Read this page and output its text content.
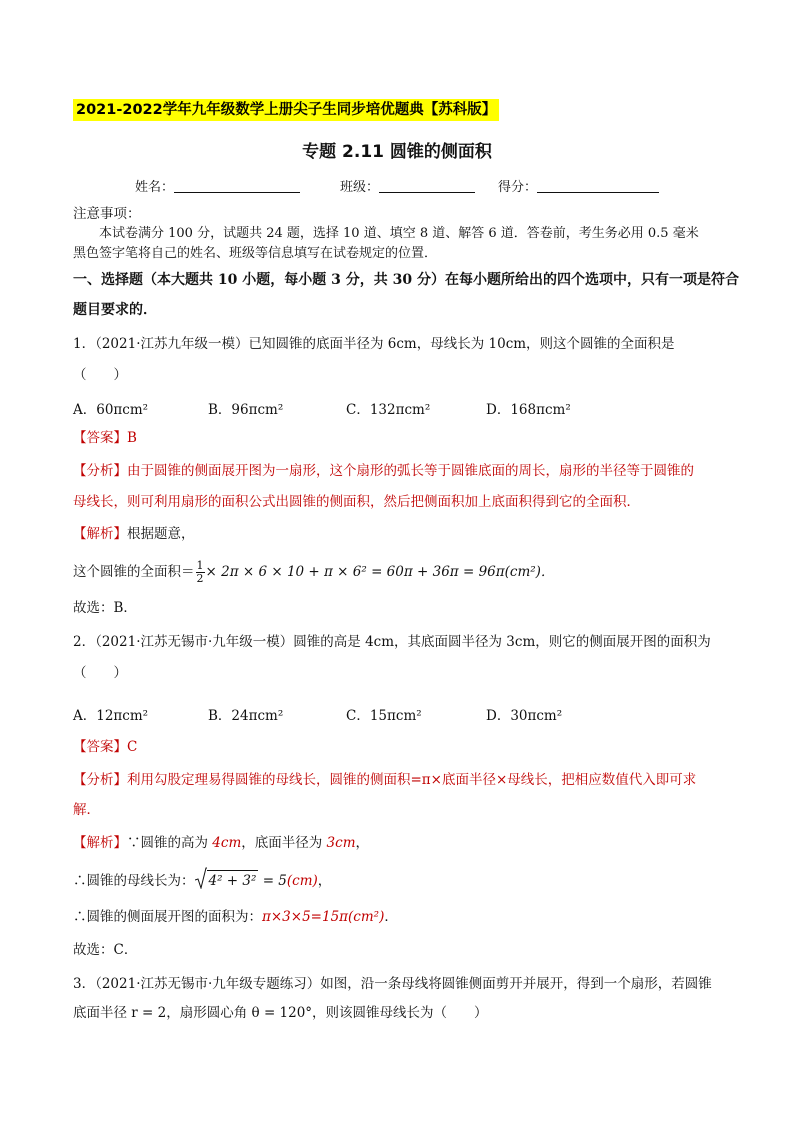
2021-2022学年九年级数学上册尖子生同步培优题典【苏科版】
专题 2.11 圆锥的侧面积
姓名：	班级：	得分：
注意事项：
本试卷满分 100 分，试题共 24 题，选择 10 道、填空 8 道、解答 6 道．答卷前，考生务必用 0.5 毫米
黑色签字笔将自己的姓名、班级等信息填写在试卷规定的位置．
一、选择题（本大题共 10 小题，每小题 3 分，共 30 分）在每小题所给出的四个选项中，只有一项是符合
题目要求的．
1．（2021·江苏九年级一模）已知圆锥的底面半径为 6cm，母线长为 10cm，则这个圆锥的全面积是
（　　）
A．60πcm²	B．96πcm²	C．132πcm²	D．168πcm²
【答案】B
【分析】由于圆锥的侧面展开图为一扇形，这个扇形的弧长等于圆锥底面的周长，扇形的半径等于圆锥的
母线长，则可利用扇形的面积公式出圆锥的侧面积，然后把侧面积加上底面积得到它的全面积．
【解析】根据题意，
这个圆锥的全面积＝ $\frac{1}{2} \times 2\pi \times 6 \times 10 + \pi \times 6^2 = 60\pi + 36\pi = 96\pi(cm^2)$．
故选：B．
2．（2021·江苏无锡市·九年级一模）圆锥的高是 4cm，其底面圆半径为 3cm，则它的侧面展开图的面积为
（　　）
A．12πcm²	B．24πcm²	C．15πcm²	D．30πcm²
【答案】C
【分析】利用勾股定理易得圆锥的母线长，圆锥的侧面积=π×底面半径×母线长，把相应数值代入即可求
解．
【解析】∵圆锥的高为 4cm，底面半径为 3cm，
∴圆锥的母线长为： 4² + 3² = 5(cm)，
∴圆锥的侧面展开图的面积为：π×3×5=15π(cm²)．
故选：C．
3．（2021·江苏无锡市·九年级专题练习）如图，沿一条母线将圆锥侧面剪开并展开，得到一个扇形，若圆锥
底面半径 r = 2，扇形圆心角 θ = 120°，则该圆锥母线长为（　　）
